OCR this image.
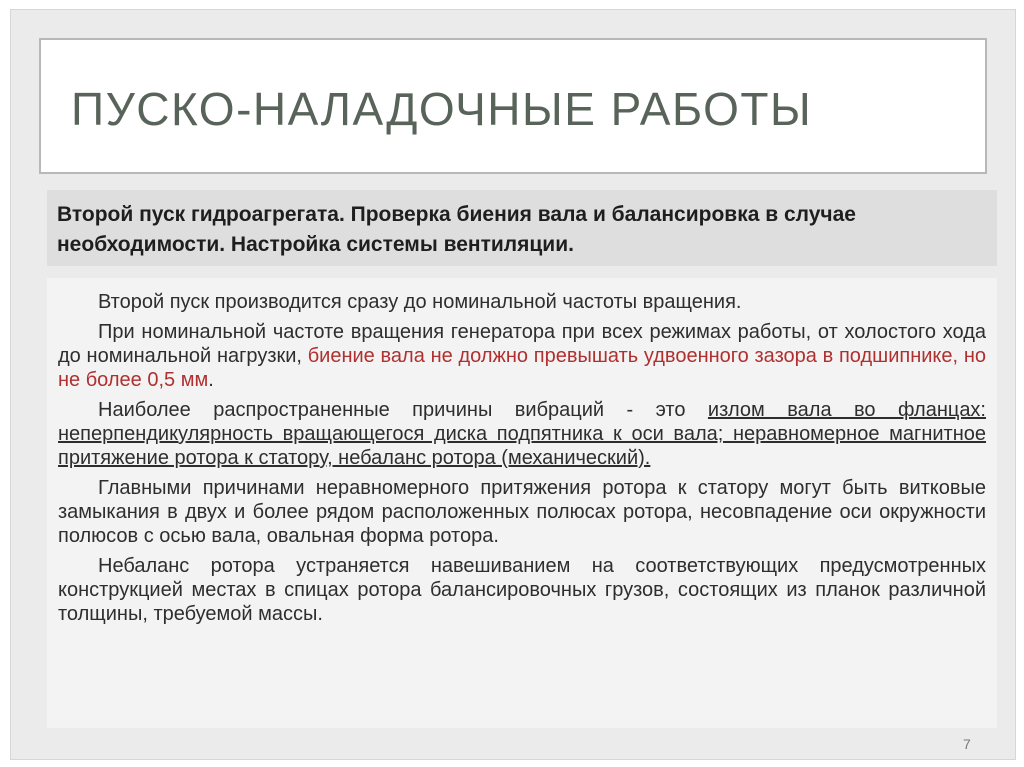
ПУСКО-НАЛАДОЧНЫЕ РАБОТЫ

Второй пуск гидроагрегата. Проверка биения вала и балансировка в случае необходимости. Настройка системы вентиляции.

Второй пуск производится сразу до номинальной частоты вращения.

При номинальной частоте вращения генератора при всех режимах работы, от холостого хода до номинальной нагрузки, биение вала не должно превышать удвоенного зазора в подшипнике, но не более 0,5 мм.

Наиболее распространенные причины вибраций - это излом вала во фланцах: неперпендикулярность вращающегося диска подпятника к оси вала; неравномерное магнитное притяжение ротора к статору, небаланс ротора (механический).

Главными причинами неравномерного притяжения ротора к статору могут быть витковые замыкания в двух и более рядом расположенных полюсах ротора, несовпадение оси окружности полюсов с осью вала, овальная форма ротора.

Небаланс ротора устраняется навешиванием на соответствующих предусмотренных конструкцией местах в спицах ротора балансировочных грузов, состоящих из планок различной толщины, требуемой массы.

7
